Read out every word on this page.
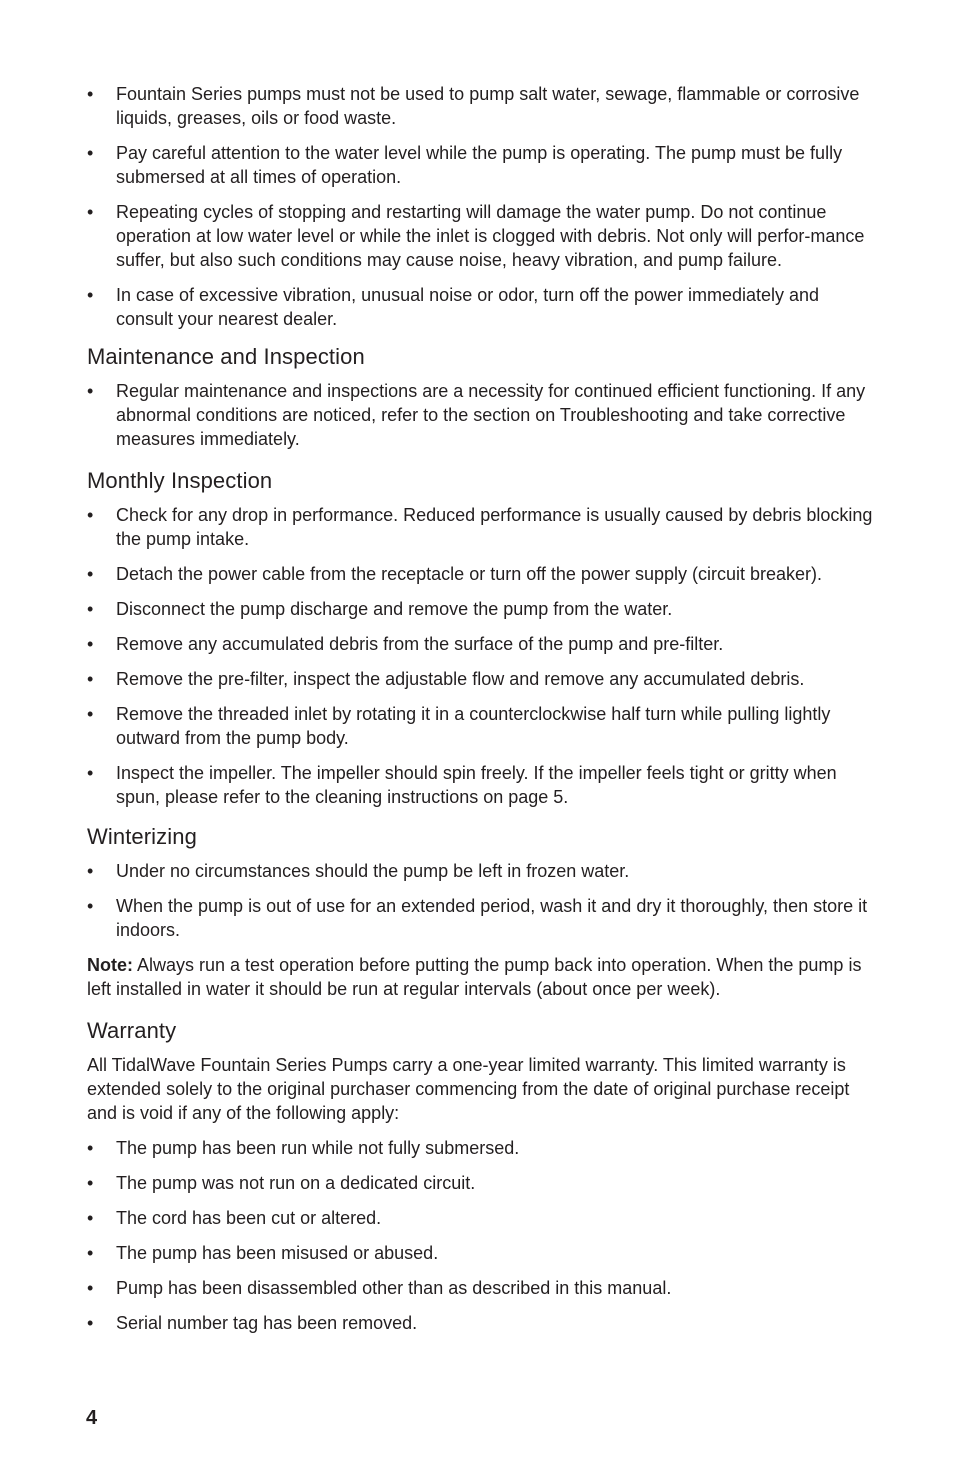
•	Fountain Series pumps must not be used to pump salt water, sewage, flammable or corrosive liquids, greases, oils or food waste.
•	Pay careful attention to the water level while the pump is operating. The pump must be fully submersed at all times of operation.
•	Repeating cycles of stopping and restarting will damage the water pump. Do not continue operation at low water level or while the inlet is clogged with debris. Not only will perfor-mance suffer, but also such conditions may cause noise, heavy vibration, and pump failure.
•	In case of excessive vibration, unusual noise or odor, turn off the power immediately and consult your nearest dealer.
Maintenance and Inspection
•	Regular maintenance and inspections are a necessity for continued efficient functioning. If any abnormal conditions are noticed, refer to the section on Troubleshooting and take corrective measures immediately.
Monthly Inspection
•	Check for any drop in performance. Reduced performance is usually caused by debris blocking the pump intake.
•	Detach the power cable from the receptacle or turn off the power supply (circuit breaker).
•	Disconnect the pump discharge and remove the pump from the water.
•	Remove any accumulated debris from the surface of the pump and pre-filter.
•	Remove the pre-filter, inspect the adjustable flow and remove any accumulated debris.
•	Remove the threaded inlet by rotating it in a counterclockwise half turn while pulling lightly outward from the pump body.
•	Inspect the impeller. The impeller should spin freely. If the impeller feels tight or gritty when spun, please refer to the cleaning instructions on page 5.
Winterizing
•	Under no circumstances should the pump be left in frozen water.
•	When the pump is out of use for an extended period, wash it and dry it thoroughly, then store it indoors.

Note: Always run a test operation before putting the pump back into operation. When the pump is left installed in water it should be run at regular intervals (about once per week).

Warranty

All TidalWave Fountain Series Pumps carry a one-year limited warranty. This limited warranty is extended solely to the original purchaser commencing from the date of original purchase receipt and is void if any of the following apply:

•	The pump has been run while not fully submersed.
•	The pump was not run on a dedicated circuit.
•	The cord has been cut or altered.
•	The pump has been misused or abused.
•	Pump has been disassembled other than as described in this manual.
•	Serial number tag has been removed.
4
